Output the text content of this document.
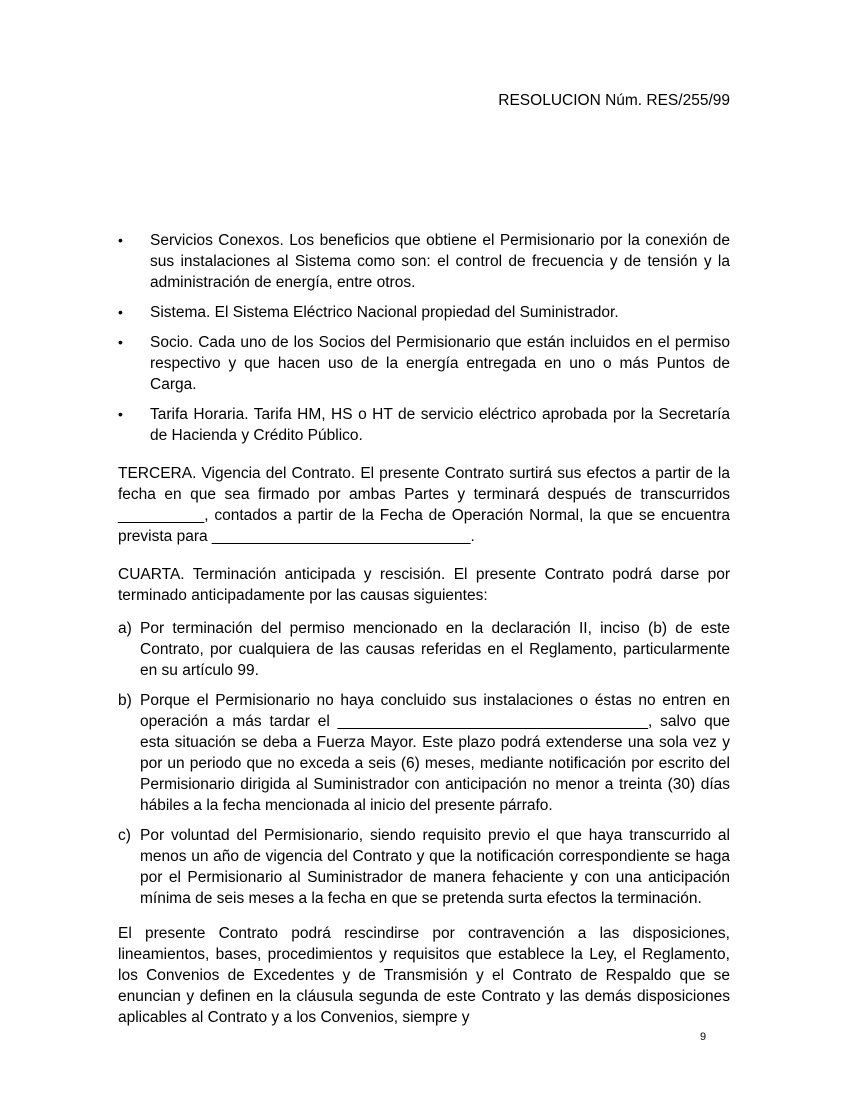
RESOLUCION Núm. RES/255/99
•	Servicios Conexos. Los beneficios que obtiene el Permisionario por la conexión de sus instalaciones al Sistema como son: el control de frecuencia y de tensión y la administración de energía, entre otros.
•	Sistema. El Sistema Eléctrico Nacional propiedad del Suministrador.
•	Socio. Cada uno de los Socios del Permisionario que están incluidos en el permiso respectivo y que hacen uso de la energía entregada en uno o más Puntos de Carga.
•	Tarifa Horaria. Tarifa HM, HS o HT de servicio eléctrico aprobada por la Secretaría de Hacienda y Crédito Público.

TERCERA. Vigencia del Contrato. El presente Contrato surtirá sus efectos a partir de la fecha en que sea firmado por ambas Partes y terminará después de transcurridos __________, contados a partir de la Fecha de Operación Normal, la que se encuentra prevista para ______________________________.

CUARTA. Terminación anticipada y rescisión. El presente Contrato podrá darse por terminado anticipadamente por las causas siguientes:

a) Por terminación del permiso mencionado en la declaración II, inciso (b) de este Contrato, por cualquiera de las causas referidas en el Reglamento, particularmente en su artículo 99.
b) Porque el Permisionario no haya concluido sus instalaciones o éstas no entren en operación a más tardar el ____________________________________, salvo que esta situación se deba a Fuerza Mayor. Este plazo podrá extenderse una sola vez y por un periodo que no exceda a seis (6) meses, mediante notificación por escrito del Permisionario dirigida al Suministrador con anticipación no menor a treinta (30) días hábiles a la fecha mencionada al inicio del presente párrafo.
c) Por voluntad del Permisionario, siendo requisito previo el que haya transcurrido al menos un año de vigencia del Contrato y que la notificación correspondiente se haga por el Permisionario al Suministrador de manera fehaciente y con una anticipación mínima de seis meses a la fecha en que se pretenda surta efectos la terminación.

El presente Contrato podrá rescindirse por contravención a las disposiciones, lineamientos, bases, procedimientos y requisitos que establece la Ley, el Reglamento, los Convenios de Excedentes y de Transmisión y el Contrato de Respaldo que se enuncian y definen en la cláusula segunda de este Contrato y las demás disposiciones aplicables al Contrato y a los Convenios, siempre y

9
